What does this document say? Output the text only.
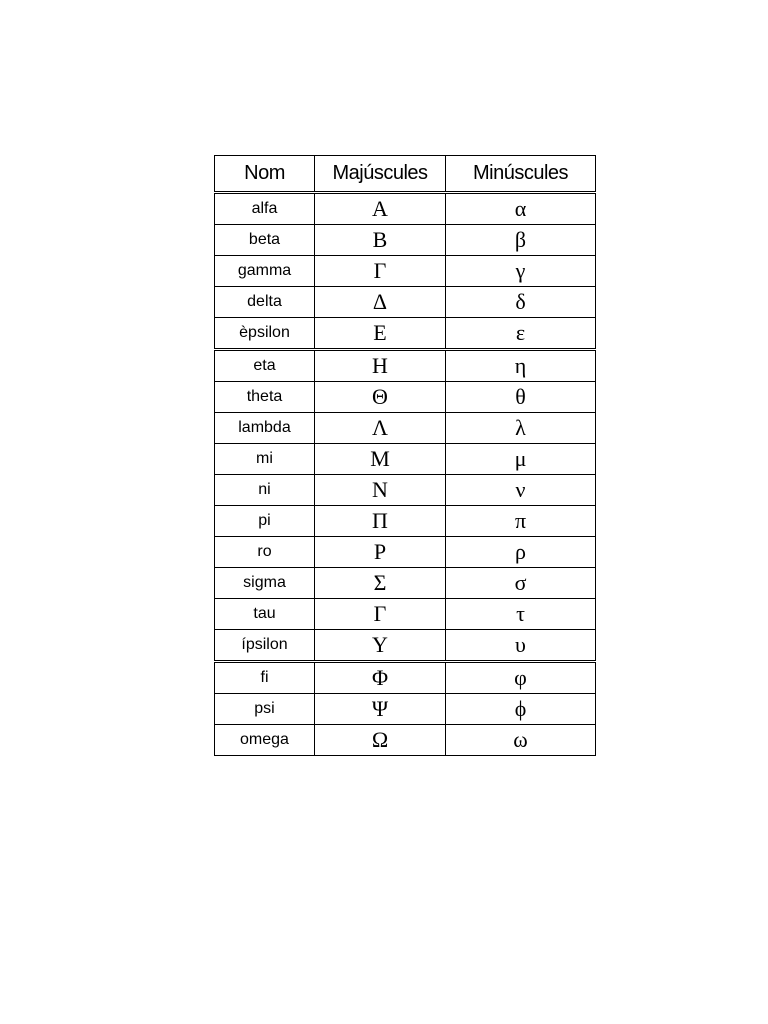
Nom	Majúscules	Minúscules
alfa	Α	α
beta	Β	β
gamma	Γ	γ
delta	Δ	δ
èpsilon	Ε	ε
eta	Η	η
theta	Θ	θ
lambda	Λ	λ
mi	Μ	μ
ni	Ν	ν
pi	Π	π
ro	Ρ	ρ
sigma	Σ	σ
tau	Γ	τ
ípsilon	Υ	υ
fi	Φ	φ
psi	Ψ	ϕ
omega	Ω	ω
